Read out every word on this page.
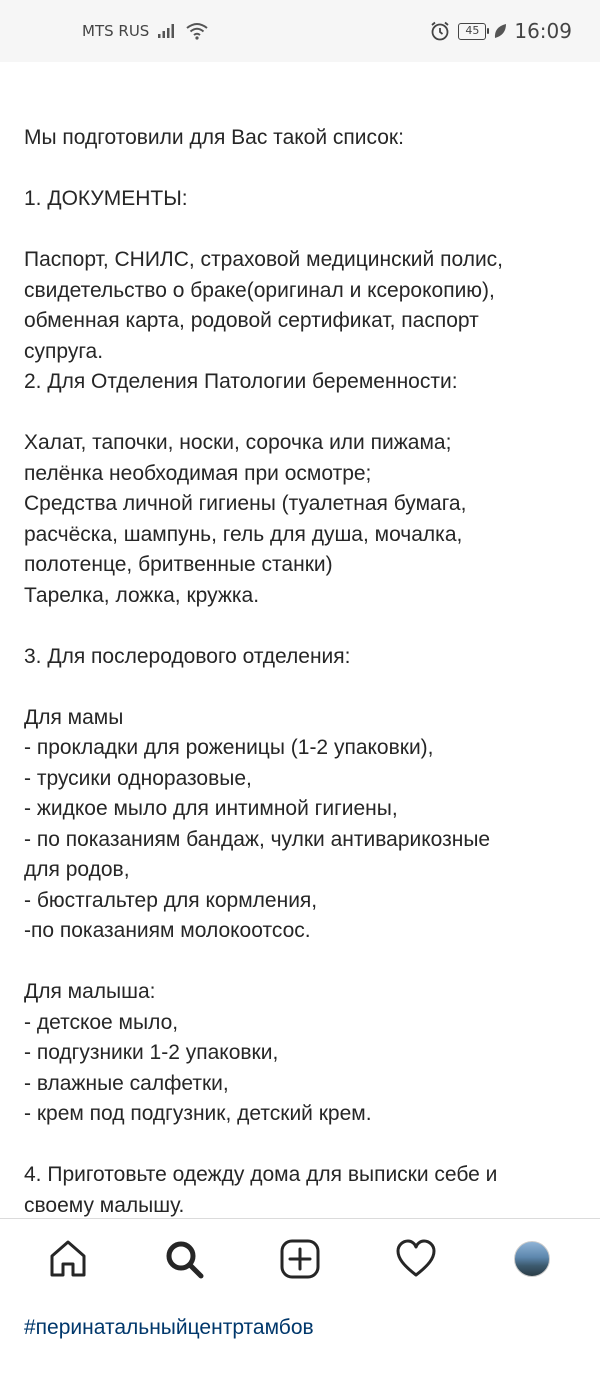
MTS RUS	45	16:09

Мы подготовили для Вас такой список:
1. ДОКУМЕНТЫ:
Паспорт, СНИЛС, страховой медицинский полис,
свидетельство о браке(оригинал и ксерокопию),
обменная карта, родовой сертификат, паспорт
супруга.
2. Для Отделения Патологии беременности:
Халат, тапочки, носки, сорочка или пижама;
пелёнка необходимая при осмотре;
Средства личной гигиены (туалетная бумага,
расчёска, шампунь, гель для душа, мочалка,
полотенце, бритвенные станки)
Тарелка, ложка, кружка.
3. Для послеродового отделения:
Для мамы
- прокладки для роженицы (1-2 упаковки),
- трусики одноразовые,
- жидкое мыло для интимной гигиены,
- по показаниям бандаж, чулки антиварикозные
для родов,
- бюстгальтер для кормления,
-по показаниям молокоотсос.
Для малыша:
- детское мыло,
- подгузники 1-2 упаковки,
- влажные салфетки,
- крем под подгузник, детский крем.
4. Приготовьте одежду дома для выписки себе и
своему малышу.

#перинатальныйцентртамбов
